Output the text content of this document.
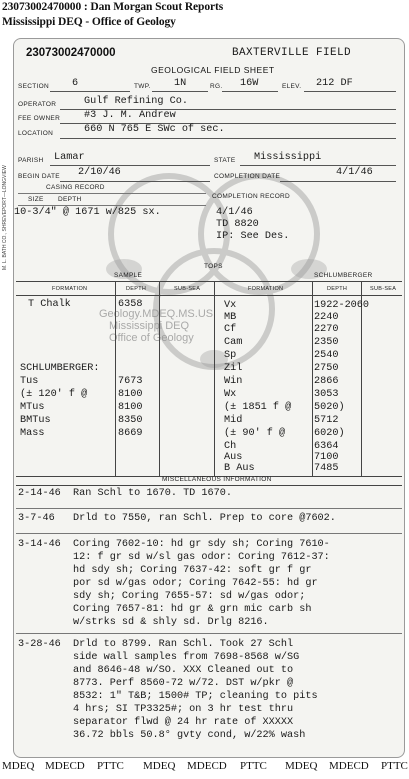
23073002470000 : Dan Morgan Scout Reports
Mississippi DEQ - Office of Geology
Geology.MDEQ.MS.US
Mississippi DEQ
Office of Geology
23073002470000	BAXTERVILLE FIELD
GEOLOGICAL FIELD SHEET
SECTION 6	TWP. 1N	RG. 16W	ELEV. 212 DF
OPERATOR	Gulf Refining Co.
FEE OWNER #3 J. M. Andrew
LOCATION	660 N 765 E SWc of sec.
PARISH Lamar	STATE Mississippi
BEGIN DATE 2/10/46	COMPLETION DATE	4/1/46
CASING RECORD
SIZE DEPTH	COMPLETION RECORD
10-3/4" @ 1671 w/825 sx.	4/1/46
TD 8820
IP: See Des.
SAMPLE
TOPS
SCHLUMBERGER
FORMATION	DEPTH	SUB-SEA	FORMATION	DEPTH	SUB-SEA
T Chalk	6358
SCHLUMBERGER:
Tus	7673
(± 120' f @	8100
MTus	8100
BMTus	8350
Mass	8669
Vx	1922-2060
MB	2240
Cf	2270
Cam	2350
Sp	2540
Zil	2750
Win	2866
Wx	3053
(± 1851 f @ 5020)
Mid	5712
(± 90' f @	6020)
Ch	6364
Aus	7100
B Aus	7485
MISCELLANEOUS INFORMATION
2-14-46  Ran Schl to 1670. TD 1670.
3-7-46   Drld to 7550, ran Schl. Prep to core @7602.
3-14-46  Coring 7602-10: hd gr sdy sh; Coring 7610-
12: f gr sd w/sl gas odor: Coring 7612-37:
hd sdy sh; Coring 7637-42: soft gr f gr
por sd w/gas odor; Coring 7642-55: hd gr
sdy sh; Coring 7655-57: sd w/gas odor;
Coring 7657-81: hd gr & grn mic carb sh
w/strks sd & shly sd. Drlg 8216.
3-28-46  Drld to 8799. Ran Schl. Took 27 Schl
side wall samples from 7698-8568 w/SG
and 8646-48 w/SO. XXX Cleaned out to
8773. Perf 8560-72 w/72. DST w/pkr @
8532: 1" T&B; 1500# TP; cleaning to pits
4 hrs; SI TP3325#; on 3 hr test thru
separator flwd @ 24 hr rate of XXXXX
36.72 bbls 50.8° gvty cond, w/22% wash
M. L. BATH CO., SHREVEPORT—LONGVIEW
MDEQ MDECD PTTC MDEQ MDECD PTTC MDEQ MDECD PTTC
